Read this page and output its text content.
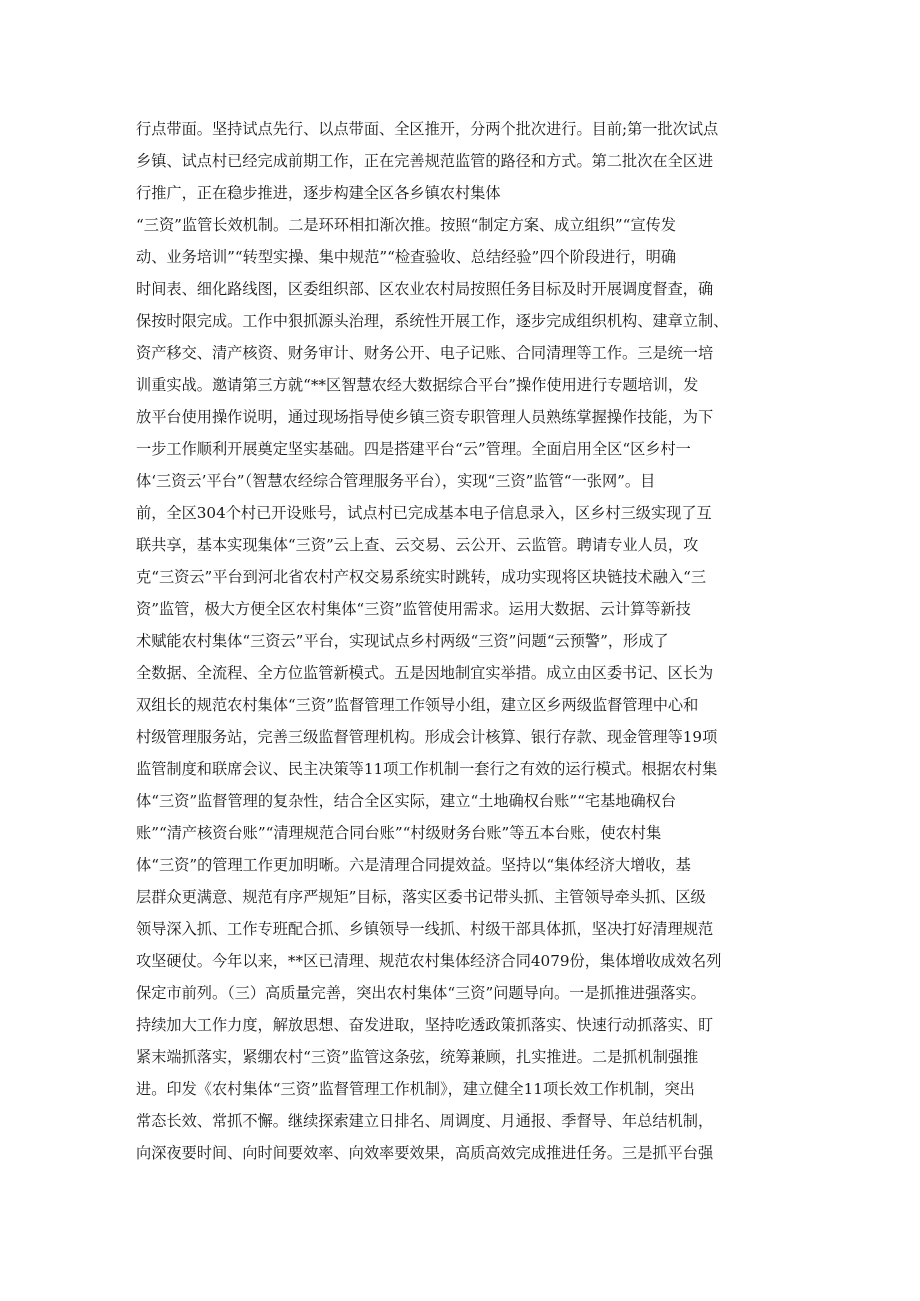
行点带面。坚持试点先行、以点带面、全区推开，分两个批次进行。目前;第一批次试点
乡镇、试点村已经完成前期工作，正在完善规范监管的路径和方式。第二批次在全区进
行推广，正在稳步推进，逐步构建全区各乡镇农村集体
“三资”监管长效机制。二是环环相扣渐次推。按照“制定方案、成立组织”“宣传发
动、业务培训”“转型实操、集中规范”“检查验收、总结经验”四个阶段进行，明确
时间表、细化路线图，区委组织部、区农业农村局按照任务目标及时开展调度督查，确
保按时限完成。工作中狠抓源头治理，系统性开展工作，逐步完成组织机构、建章立制、
资产移交、清产核资、财务审计、财务公开、电子记账、合同清理等工作。三是统一培
训重实战。邀请第三方就“**区智慧农经大数据综合平台”操作使用进行专题培训，发
放平台使用操作说明，通过现场指导使乡镇三资专职管理人员熟练掌握操作技能，为下
一步工作顺利开展奠定坚实基础。四是搭建平台“云”管理。全面启用全区“区乡村一
体‘三资云’平台”（智慧农经综合管理服务平台），实现“三资”监管“一张网”。目
前，全区304个村已开设账号，试点村已完成基本电子信息录入，区乡村三级实现了互
联共享，基本实现集体“三资”云上查、云交易、云公开、云监管。聘请专业人员，攻
克“三资云”平台到河北省农村产权交易系统实时跳转，成功实现将区块链技术融入“三
资”监管，极大方便全区农村集体“三资”监管使用需求。运用大数据、云计算等新技
术赋能农村集体“三资云”平台，实现试点乡村两级“三资”问题“云预警”，形成了
全数据、全流程、全方位监管新模式。五是因地制宜实举措。成立由区委书记、区长为
双组长的规范农村集体“三资”监督管理工作领导小组，建立区乡两级监督管理中心和
村级管理服务站，完善三级监督管理机构。形成会计核算、银行存款、现金管理等19项
监管制度和联席会议、民主决策等11项工作机制一套行之有效的运行模式。根据农村集
体“三资”监督管理的复杂性，结合全区实际，建立“土地确权台账”“宅基地确权台
账”“清产核资台账”“清理规范合同台账”“村级财务台账”等五本台账，使农村集
体“三资”的管理工作更加明晰。六是清理合同提效益。坚持以“集体经济大增收，基
层群众更满意、规范有序严规矩”目标，落实区委书记带头抓、主管领导牵头抓、区级
领导深入抓、工作专班配合抓、乡镇领导一线抓、村级干部具体抓，坚决打好清理规范
攻坚硬仗。今年以来，**区已清理、规范农村集体经济合同4079份，集体增收成效名列
保定市前列。（三）高质量完善，突出农村集体“三资”问题导向。一是抓推进强落实。
持续加大工作力度，解放思想、奋发进取，坚持吃透政策抓落实、快速行动抓落实、盯
紧末端抓落实，紧绷农村“三资”监管这条弦，统筹兼顾，扎实推进。二是抓机制强推
进。印发《农村集体“三资”监督管理工作机制》，建立健全11项长效工作机制，突出
常态长效、常抓不懈。继续探索建立日排名、周调度、月通报、季督导、年总结机制，
向深夜要时间、向时间要效率、向效率要效果，高质高效完成推进任务。三是抓平台强
